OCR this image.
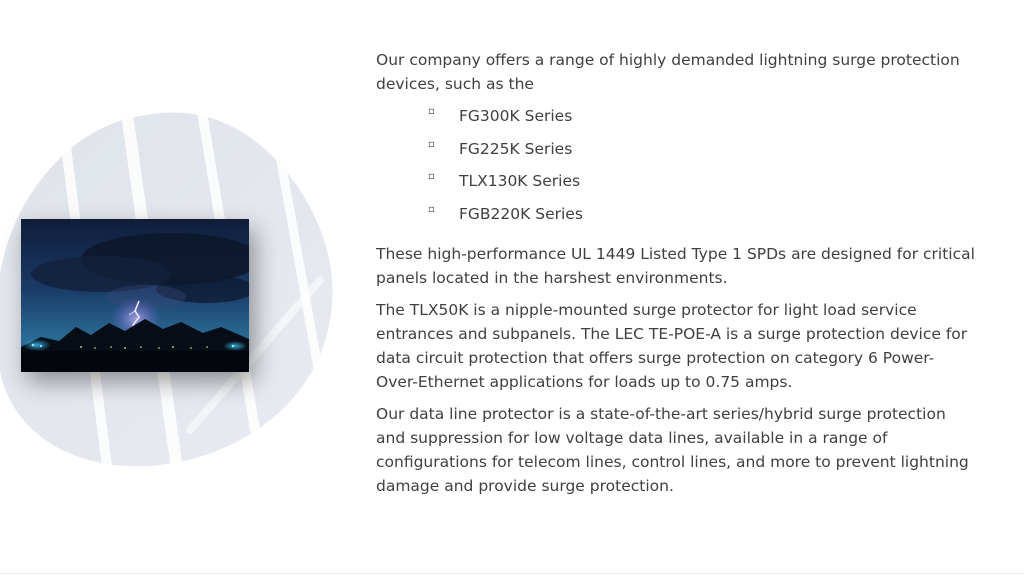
Our company offers a range of highly demanded lightning surge protection devices, such as the

▫ FG300K Series
▫ FG225K Series
▫ TLX130K Series
▫ FGB220K Series

These high-performance UL 1449 Listed Type 1 SPDs are designed for critical panels located in the harshest environments.

The TLX50K is a nipple-mounted surge protector for light load service entrances and subpanels. The LEC TE-POE-A is a surge protection device for data circuit protection that offers surge protection on category 6 Power-Over-Ethernet applications for loads up to 0.75 amps.

Our data line protector is a state-of-the-art series/hybrid surge protection and suppression for low voltage data lines, available in a range of configurations for telecom lines, control lines, and more to prevent lightning damage and provide surge protection.
